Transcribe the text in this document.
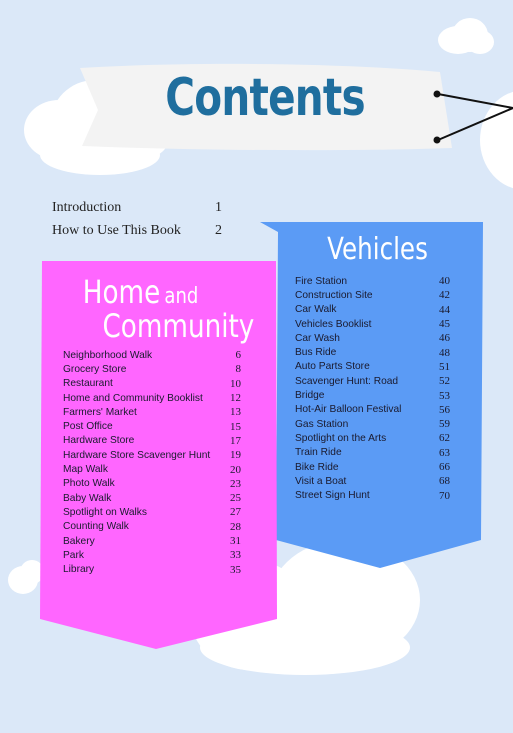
Contents
Introduction	1
How to Use This Book	2
Vehicles
Fire Station	40
Construction Site	42
Car Walk	44
Vehicles Booklist	45
Car Wash	46
Bus Ride	48
Auto Parts Store	51
Scavenger Hunt: Road	52
Bridge	53
Hot-Air Balloon Festival	56
Gas Station	59
Spotlight on the Arts	62
Train Ride	63
Bike Ride	66
Visit a Boat	68
Street Sign Hunt	70
Home and
Community
Neighborhood Walk	6
Grocery Store	8
Restaurant	10
Home and Community Booklist 12
Farmers' Market	13
Post Office	15
Hardware Store	17
Hardware Store Scavenger Hunt 19
Map Walk	20
Photo Walk	23
Baby Walk	25
Spotlight on Walks	27
Counting Walk	28
Bakery	31
Park	33
Library	35
